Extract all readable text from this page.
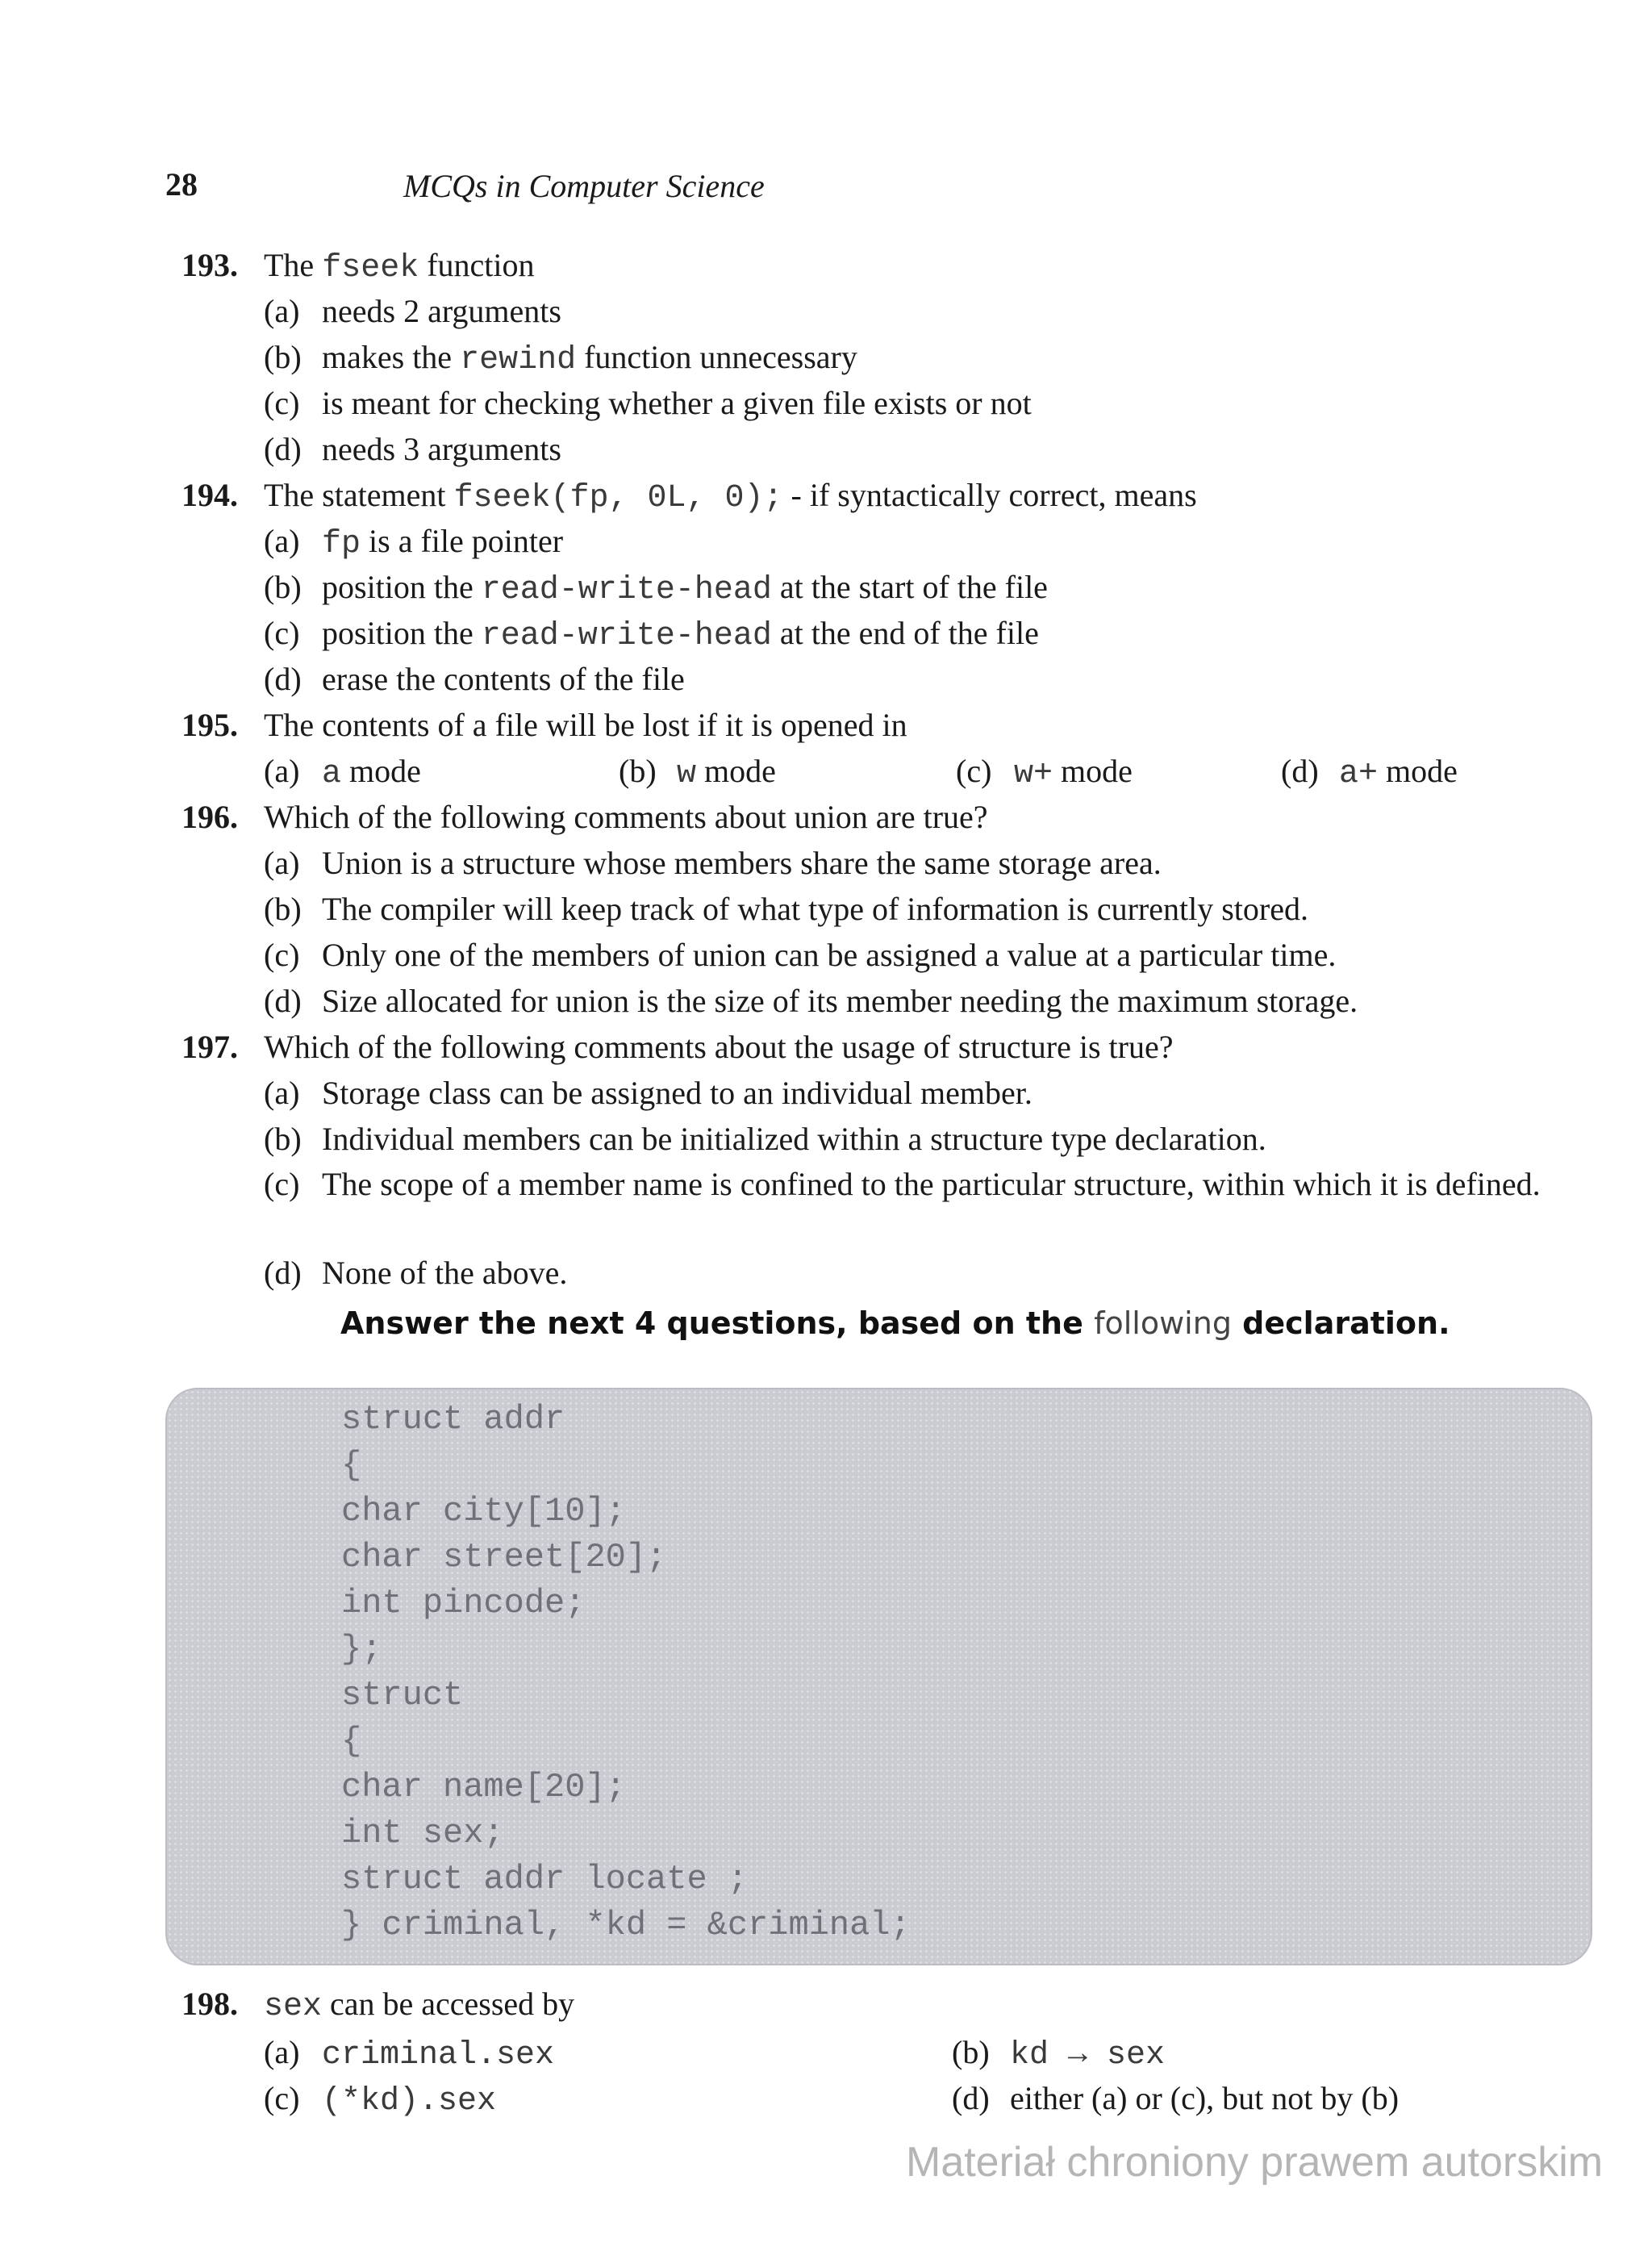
28	MCQs in Computer Science
193. The fseek function
(a) needs 2 arguments
(b) makes the rewind function unnecessary
(c) is meant for checking whether a given file exists or not
(d) needs 3 arguments
194. The statement fseek(fp, 0L, 0); - if syntactically correct, means
(a) fp is a file pointer
(b) position the read-write-head at the start of the file
(c) position the read-write-head at the end of the file
(d) erase the contents of the file
195. The contents of a file will be lost if it is opened in
(a) a mode	(b) w mode	(c) w+ mode	(d) a+ mode
196. Which of the following comments about union are true?
(a) Union is a structure whose members share the same storage area.
(b) The compiler will keep track of what type of information is currently stored.
(c) Only one of the members of union can be assigned a value at a particular time.
(d) Size allocated for union is the size of its member needing the maximum storage.
197. Which of the following comments about the usage of structure is true?
(a) Storage class can be assigned to an individual member.
(b) Individual members can be initialized within a structure type declaration.
(c) The scope of a member name is confined to the particular structure, within which it is defined.
(d) None of the above.
Answer the next 4 questions, based on the following declaration.
struct addr
{
char city[10];
char street[20];
int pincode;
};
struct
{
char name[20];
int sex;
struct addr locate ;
} criminal, *kd = &criminal;
198. sex can be accessed by
(a) criminal.sex	(b) kd → sex
(c) (*kd).sex	(d) either (a) or (c), but not by (b)
Materiał chroniony prawem autorskim
